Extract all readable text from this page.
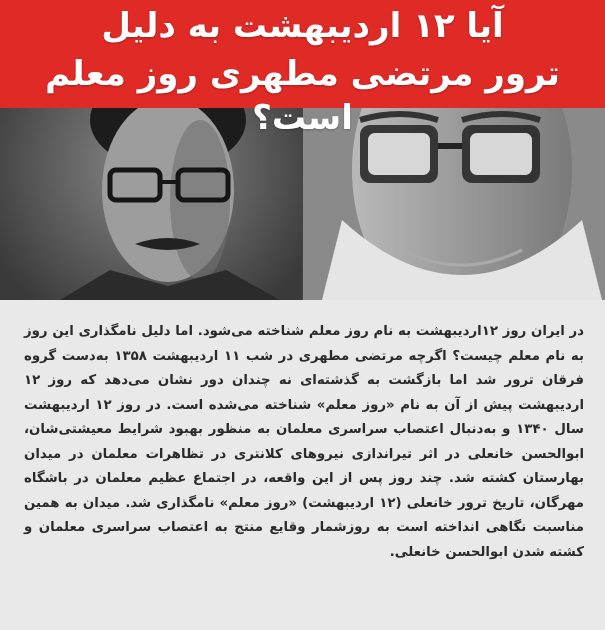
آیا ۱۲ اردیبهشت به دلیل
ترور مرتضی مطهری روز معلم است؟
در ایران روز ۱۲اردیبهشت به نام روز معلم شناخته می‌شود. اما دلیل نامگذاری این روز به نام معلم چیست؟ اگرچه مرتضی مطهری در شب ۱۱ اردیبهشت ۱۳۵۸ به‌دست گروه فرقان ترور شد اما بازگشت به گذشته‌ای نه چندان دور نشان می‌دهد که روز ۱۲ اردیبهشت پیش از آن به نام «روز معلم» شناخته می‌شده است. در روز ۱۲ اردیبهشت سال ۱۳۴۰ و به‌دنبال اعتصاب سراسری معلمان به منظور بهبود شرایط معیشتی‌شان، ابوالحسن خانعلی در اثر تیراندازی نیروهای کلانتری در تظاهرات معلمان در میدان بهارستان کشته شد. چند روز پس از این واقعه، در اجتماع عظیم معلمان در باشگاه مهرگان، تاریخ ترور خانعلی (۱۲ اردیبهشت) «روز معلم» نامگذاری شد. میدان به همین مناسبت نگاهی انداخته است به روزشمار وقایع منتج به اعتصاب سراسری معلمان و کشته شدن ابوالحسن خانعلی.
